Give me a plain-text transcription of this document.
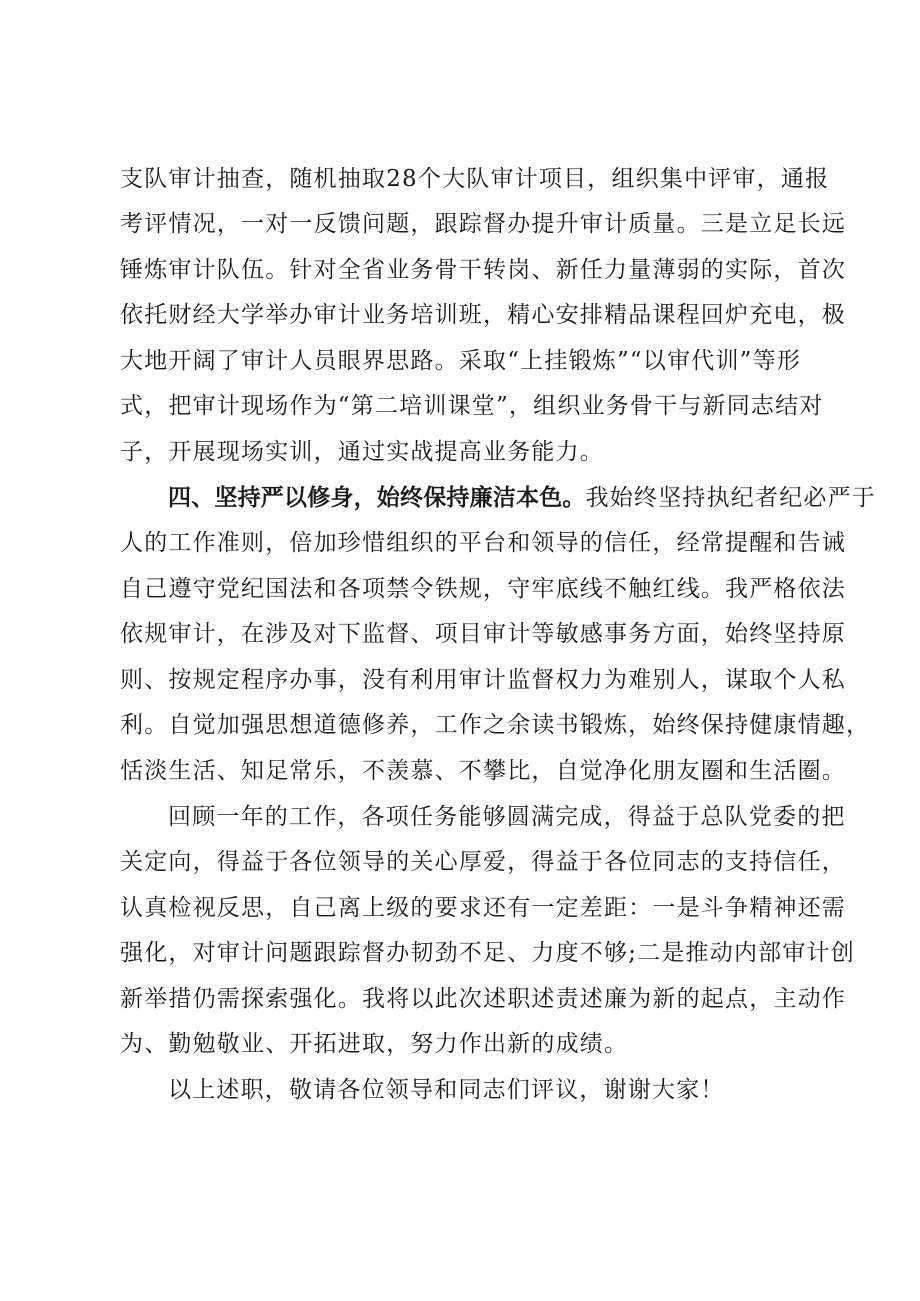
支队审计抽查，随机抽取28个大队审计项目，组织集中评审，通报
考评情况，一对一反馈问题，跟踪督办提升审计质量。三是立足长远
锤炼审计队伍。针对全省业务骨干转岗、新任力量薄弱的实际，首次
依托财经大学举办审计业务培训班，精心安排精品课程回炉充电，极
大地开阔了审计人员眼界思路。采取“上挂锻炼”“以审代训”等形
式，把审计现场作为“第二培训课堂”，组织业务骨干与新同志结对
子，开展现场实训，通过实战提高业务能力。
四、坚持严以修身，始终保持廉洁本色。我始终坚持执纪者纪必严于
人的工作准则，倍加珍惜组织的平台和领导的信任，经常提醒和告诫
自己遵守党纪国法和各项禁令铁规，守牢底线不触红线。我严格依法
依规审计，在涉及对下监督、项目审计等敏感事务方面，始终坚持原
则、按规定程序办事，没有利用审计监督权力为难别人，谋取个人私
利。自觉加强思想道德修养，工作之余读书锻炼，始终保持健康情趣，
恬淡生活、知足常乐，不羡慕、不攀比，自觉净化朋友圈和生活圈。
回顾一年的工作，各项任务能够圆满完成，得益于总队党委的把
关定向，得益于各位领导的关心厚爱，得益于各位同志的支持信任，
认真检视反思，自己离上级的要求还有一定差距：一是斗争精神还需
强化，对审计问题跟踪督办韧劲不足、力度不够;二是推动内部审计创
新举措仍需探索强化。我将以此次述职述责述廉为新的起点，主动作
为、勤勉敬业、开拓进取，努力作出新的成绩。
以上述职，敬请各位领导和同志们评议，谢谢大家！
